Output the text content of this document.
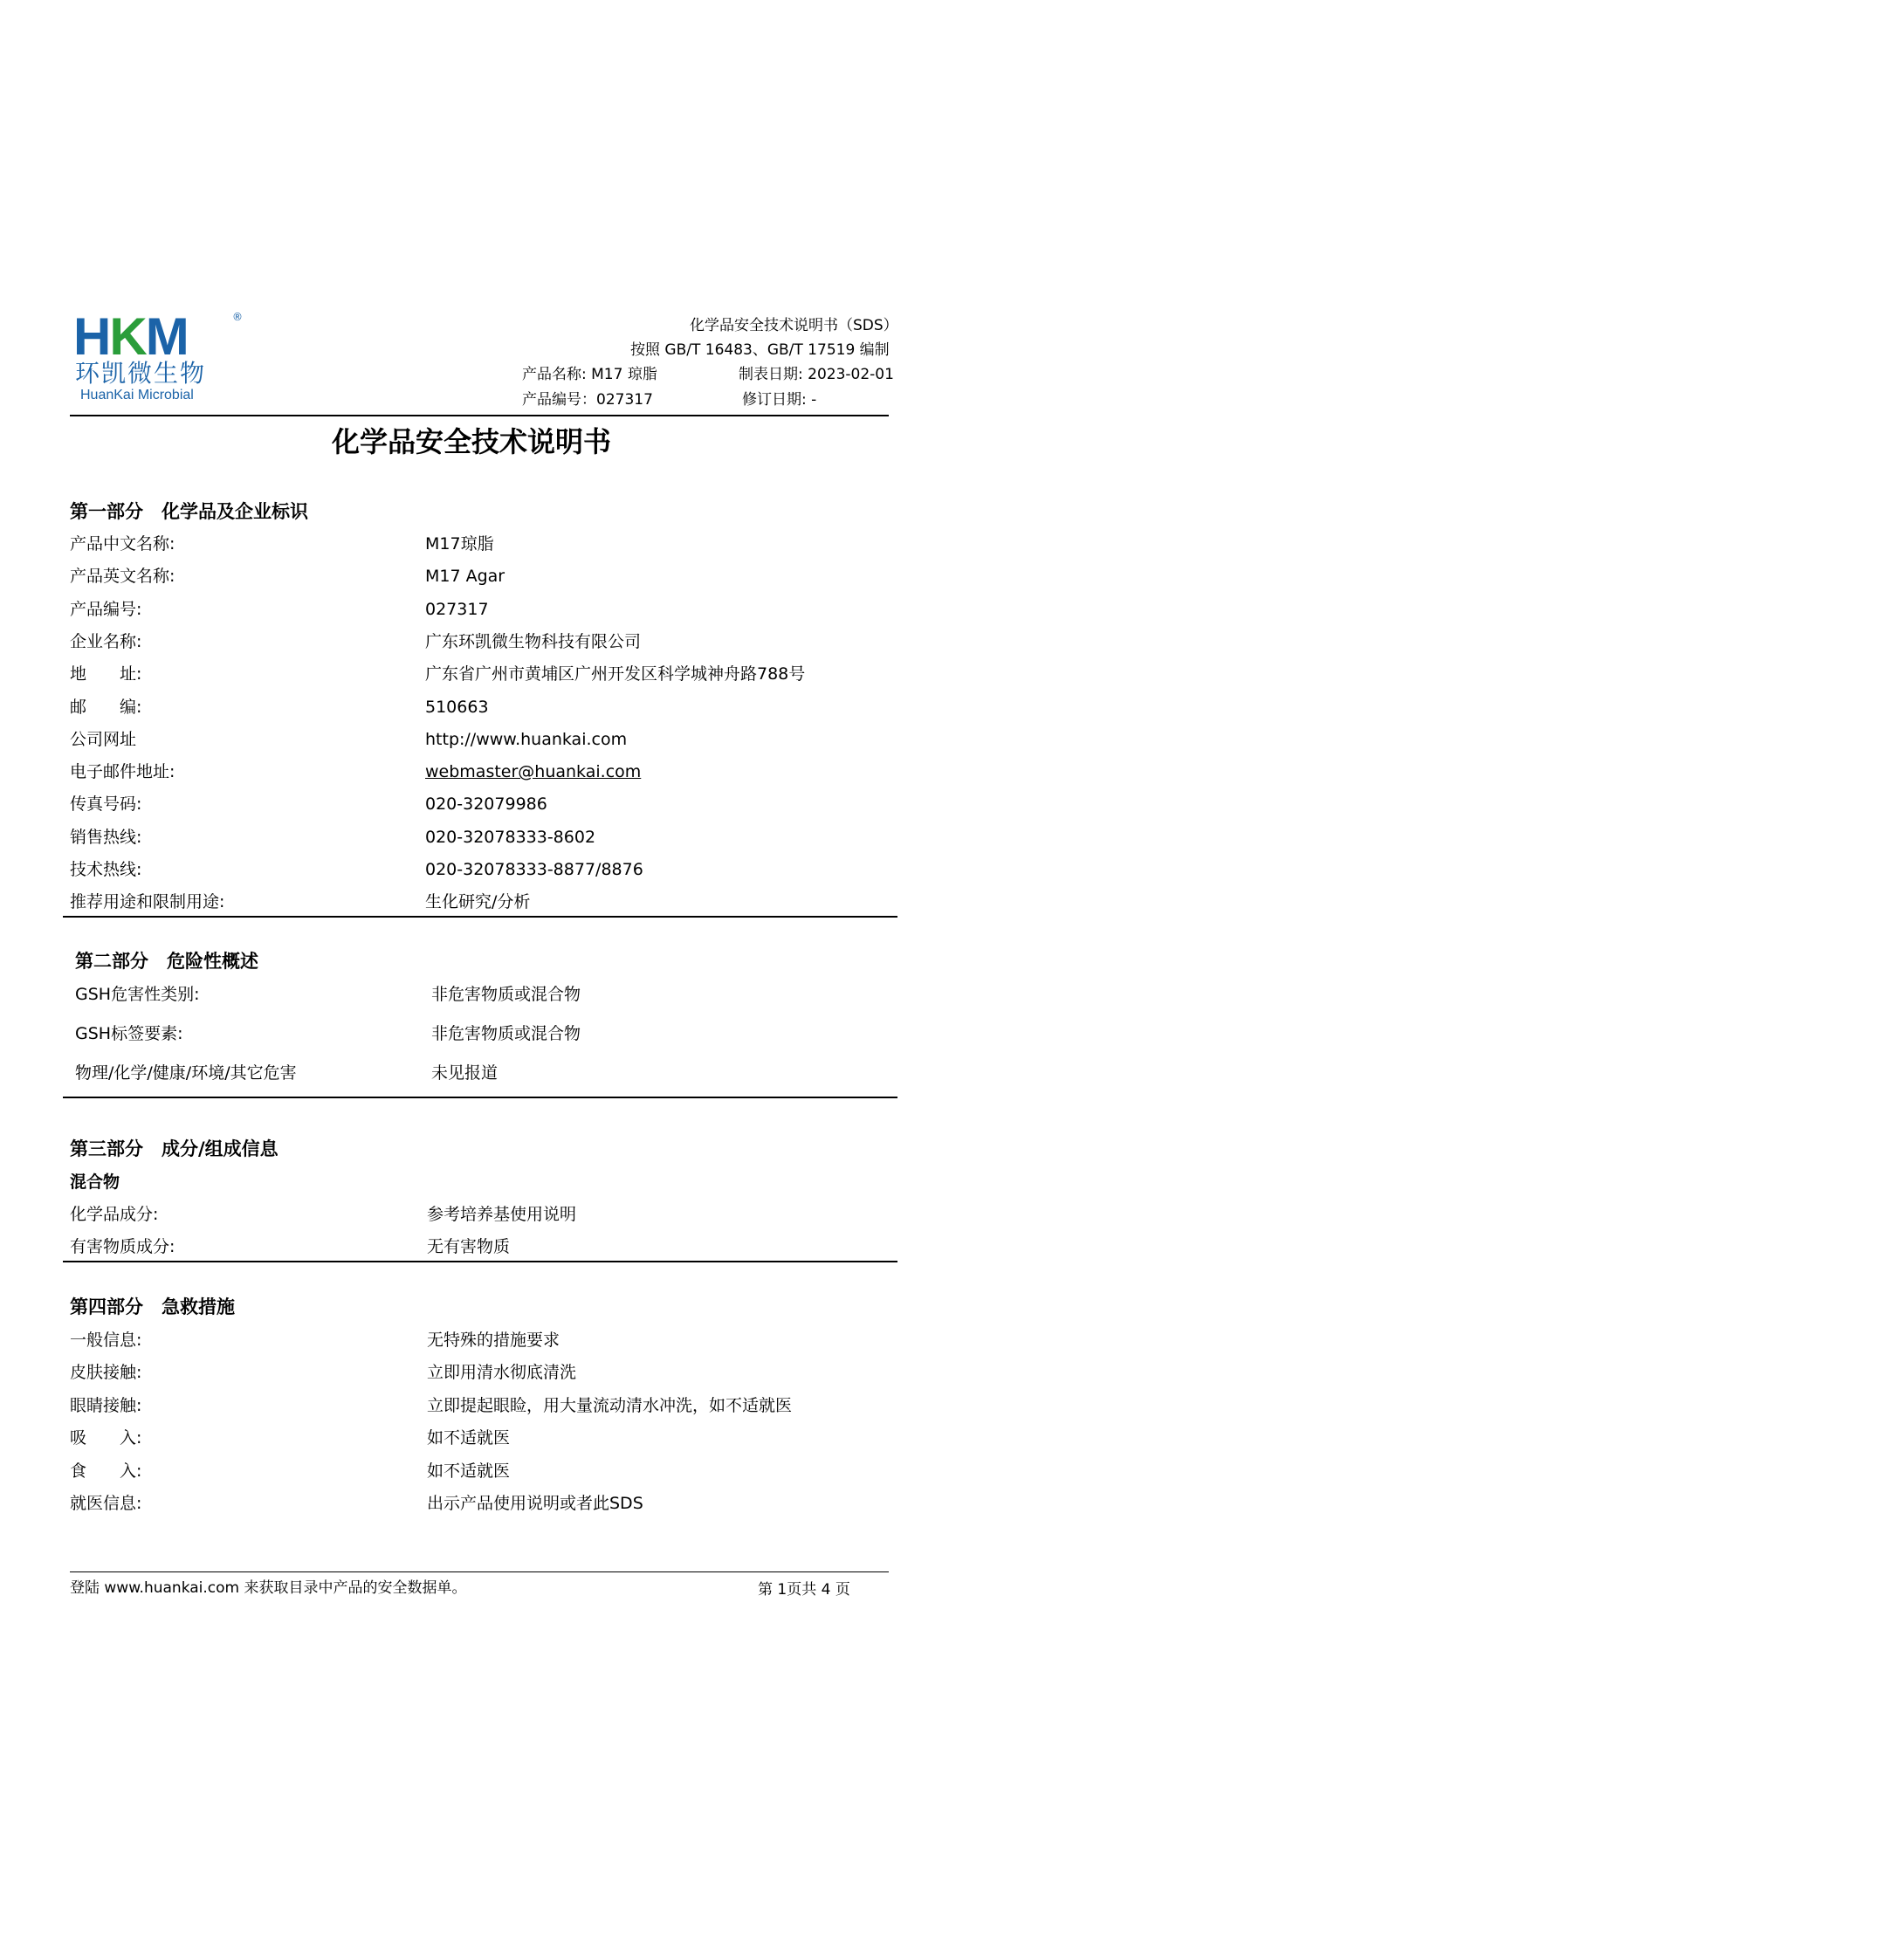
HKM	®
环凯微生物
HuanKai Microbial
化学品安全技术说明书（SDS）
按照 GB/T 16483、GB/T 17519 编制
产品名称: M17 琼脂	制表日期: 2023-02-01
产品编号：027317	修订日期: -
化学品安全技术说明书
第一部分　化学品及企业标识
产品中文名称:	M17琼脂
产品英文名称:	M17 Agar
产品编号:	027317
企业名称:	广东环凯微生物科技有限公司
地　　址:	广东省广州市黄埔区广州开发区科学城神舟路788号
邮　　编:	510663
公司网址	http://www.huankai.com
电子邮件地址:	webmaster@huankai.com
传真号码:	020-32079986
销售热线:	020-32078333-8602
技术热线:	020-32078333-8877/8876
推荐用途和限制用途:	生化研究/分析
第二部分　危险性概述
GSH危害性类别:	非危害物质或混合物
GSH标签要素:	非危害物质或混合物
物理/化学/健康/环境/其它危害	未见报道
第三部分　成分/组成信息
混合物
化学品成分:	参考培养基使用说明
有害物质成分:	无有害物质
第四部分　急救措施
一般信息:	无特殊的措施要求
皮肤接触:	立即用清水彻底清洗
眼睛接触:	立即提起眼睑，用大量流动清水冲洗，如不适就医
吸　　入:	如不适就医
食　　入:	如不适就医
就医信息:	出示产品使用说明或者此SDS
登陆 www.huankai.com 来获取目录中产品的安全数据单。	第 1页共 4 页
